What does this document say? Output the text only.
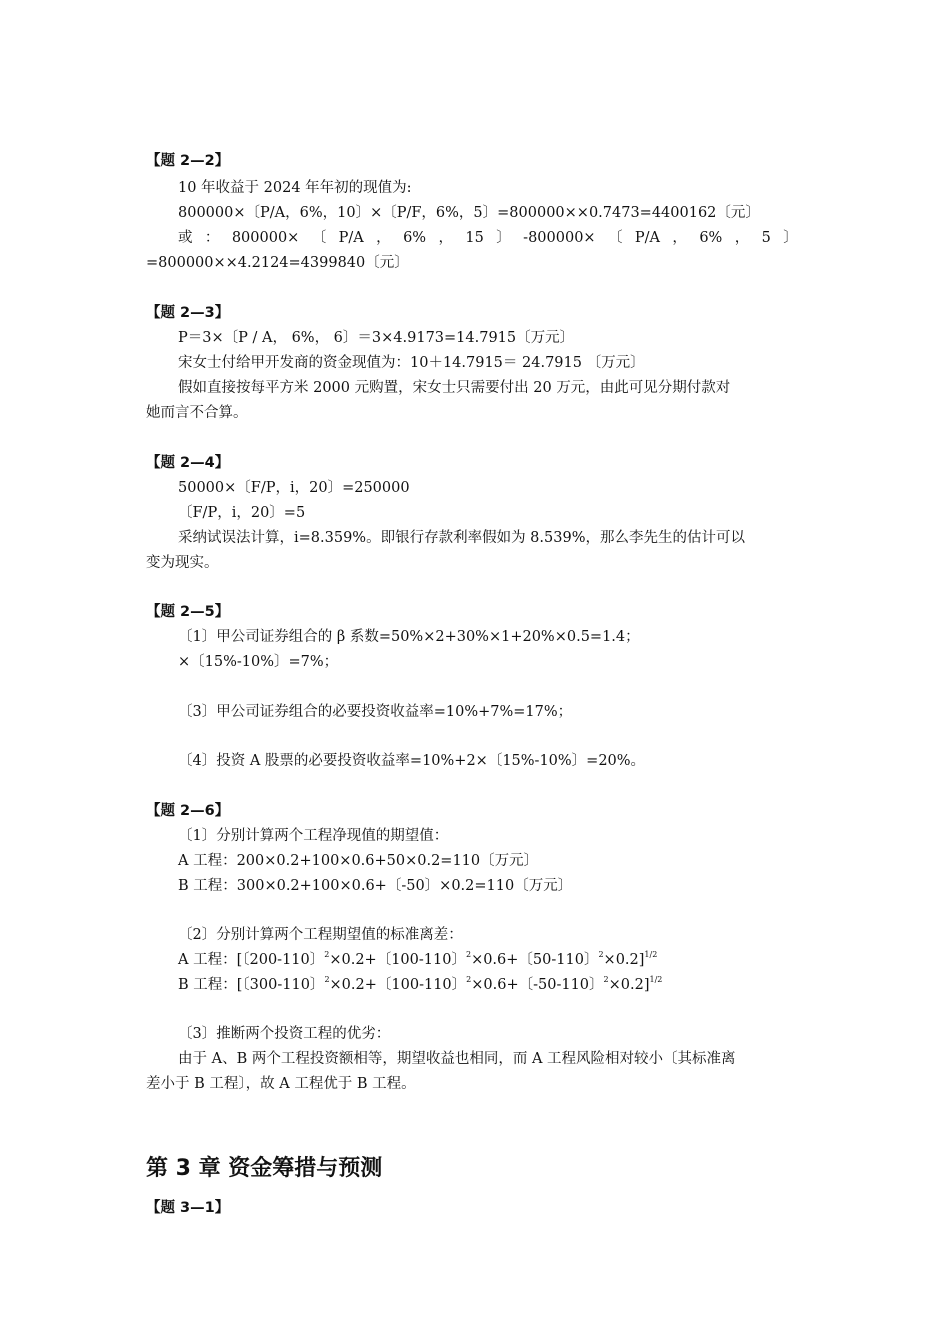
【题 2—2】
10 年收益于 2024 年年初的现值为:
800000×〔P/A，6%，10〕×〔P/F，6%，5〕=800000××0.7473=4400162〔元〕
或 ： 800000× 〔 P/A ， 6% ， 15 〕 -800000× 〔 P/A ， 6% ， 5 〕
=800000××4.2124=4399840〔元〕
【题 2—3】
P＝3×〔P / A， 6%， 6〕＝3×4.9173=14.7915〔万元〕
宋女士付给甲开发商的资金现值为：10＋14.7915＝ 24.7915 〔万元〕
假如直接按每平方米 2000 元购置，宋女士只需要付出 20 万元，由此可见分期付款对
她而言不合算。
【题 2—4】
50000×〔F/P，i，20〕=250000
〔F/P，i，20〕=5
采纳试误法计算，i=8.359%。即银行存款利率假如为 8.539%，那么李先生的估计可以
变为现实。
【题 2—5】
〔1〕甲公司证券组合的 β 系数=50%×2+30%×1+20%×0.5=1.4；
×〔15%-10%〕=7%；
〔3〕甲公司证券组合的必要投资收益率=10%+7%=17%；
〔4〕投资 A 股票的必要投资收益率=10%+2×〔15%-10%〕=20%。
【题 2—6】
〔1〕分别计算两个工程净现值的期望值：
A 工程：200×0.2+100×0.6+50×0.2=110〔万元〕
B 工程：300×0.2+100×0.6+〔-50〕×0.2=110〔万元〕
〔2〕分别计算两个工程期望值的标准离差：
A 工程：[〔200-110〕$^2$×0.2+〔100-110〕$^2$×0.6+〔50-110〕$^2$×0.2]$^{1/2}$
B 工程：[〔300-110〕$^2$×0.2+〔100-110〕$^2$×0.6+〔-50-110〕$^2$×0.2]$^{1/2}$
〔3〕推断两个投资工程的优劣：
由于 A、B 两个工程投资额相等，期望收益也相同，而 A 工程风险相对较小〔其标准离
差小于 B 工程〕，故 A 工程优于 B 工程。
第 3 章 资金筹措与预测
【题 3—1】
